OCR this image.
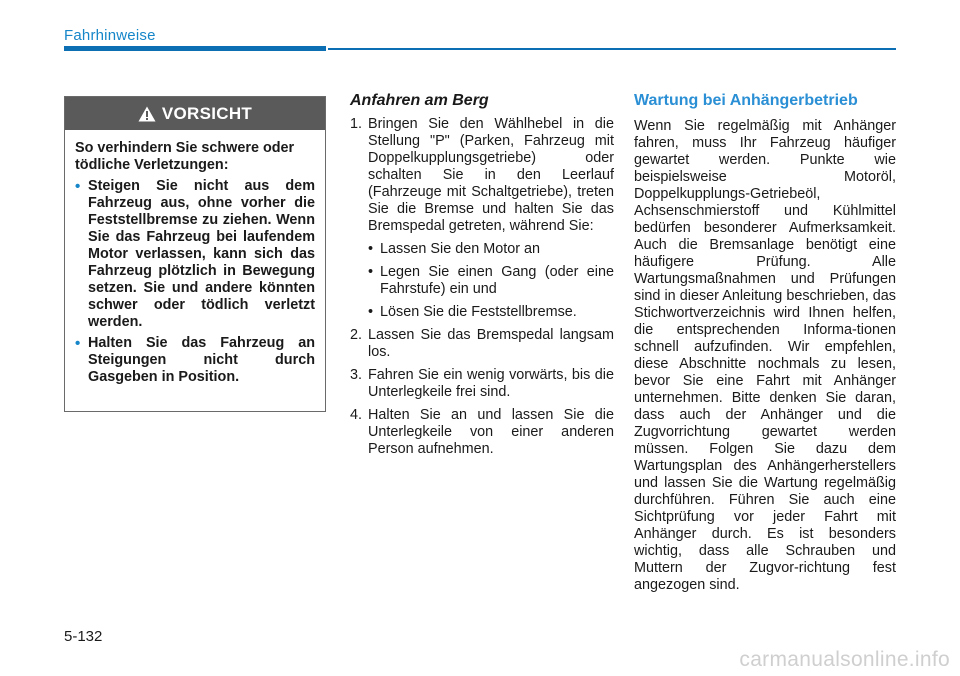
Fahrhinweise
VORSICHT

So verhindern Sie schwere oder tödliche Verletzungen:

• Steigen Sie nicht aus dem Fahrzeug aus, ohne vorher die Feststellbremse zu ziehen. Wenn Sie das Fahrzeug bei laufendem Motor verlassen, kann sich das Fahrzeug plötzlich in Bewegung setzen. Sie und andere könnten schwer oder tödlich verletzt werden.
• Halten Sie das Fahrzeug an Steigungen nicht durch Gasgeben in Position.
Anfahren am Berg
1. Bringen Sie den Wählhebel in die Stellung "P" (Parken, Fahrzeug mit Doppelkupplungsgetriebe) oder schalten Sie in den Leerlauf (Fahrzeuge mit Schaltgetriebe), treten Sie die Bremse und halten Sie das Bremspedal getreten, während Sie:
• Lassen Sie den Motor an
• Legen Sie einen Gang (oder eine Fahrstufe) ein und
• Lösen Sie die Feststellbremse.
2. Lassen Sie das Bremspedal langsam los.
3. Fahren Sie ein wenig vorwärts, bis die Unterlegkeile frei sind.
4. Halten Sie an und lassen Sie die Unterlegkeile von einer anderen Person aufnehmen.
Wartung bei Anhängerbetrieb

Wenn Sie regelmäßig mit Anhänger fahren, muss Ihr Fahrzeug häufiger gewartet werden. Punkte wie beispielsweise Motoröl, Doppelkupplungs-Getriebeöl, Achsenschmierstoff und Kühlmittel bedürfen besonderer Aufmerksamkeit. Auch die Bremsanlage benötigt eine häufigere Prüfung. Alle Wartungsmaßnahmen und Prüfungen sind in dieser Anleitung beschrieben, das Stichwortverzeichnis wird Ihnen helfen, die entsprechenden Informa-tionen schnell aufzufinden. Wir empfehlen, diese Abschnitte nochmals zu lesen, bevor Sie eine Fahrt mit Anhänger unternehmen. Bitte denken Sie daran, dass auch der Anhänger und die Zugvorrichtung gewartet werden müssen. Folgen Sie dazu dem Wartungsplan des Anhängerherstellers und lassen Sie die Wartung regelmäßig durchführen. Führen Sie auch eine Sichtprüfung vor jeder Fahrt mit Anhänger durch. Es ist besonders wichtig, dass alle Schrauben und Muttern der Zugvor-richtung fest angezogen sind.

5-132
carmanualsonline.info
